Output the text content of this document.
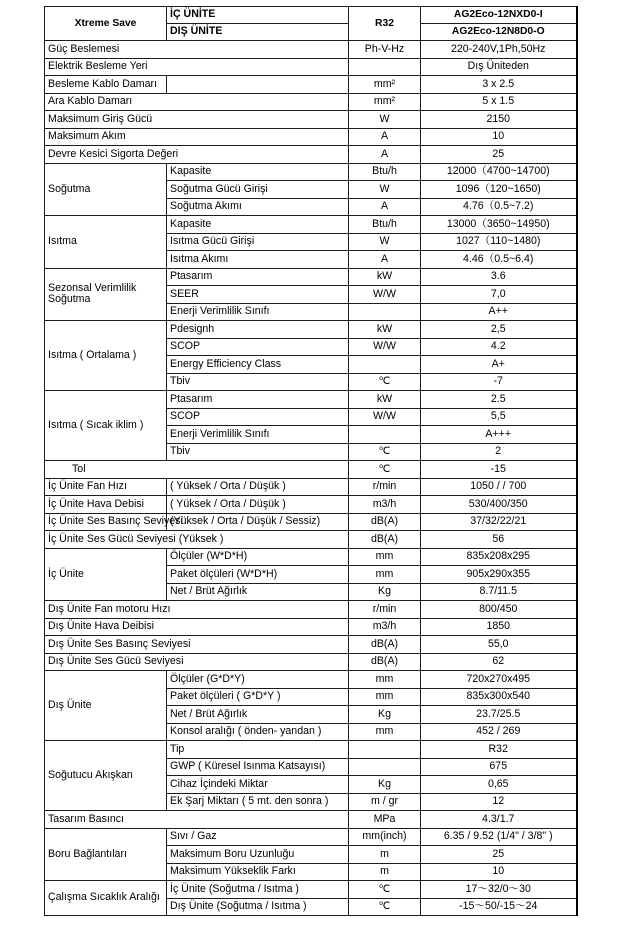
Xtreme Save	İÇ ÜNİTE	R32	AG2Eco-12NXD0-I
	DIŞ ÜNİTE		AG2Eco-12N8D0-O
Güç Beslemesi		Ph-V-Hz	220-240V,1Ph,50Hz
Elektrik Besleme Yeri			Dış Üniteden
Besleme Kablo Damarı		mm²	3 x 2.5
Ara Kablo Damarı		mm²	5 x 1.5
Maksimum Giriş Gücü		W	2150
Maksimum Akım		A	10
Devre Kesici Sigorta Değeri		A	25
Soğutma	Kapasite	Btu/h	12000（4700~14700)
	Soğutma Gücü Girişi	W	1096（120~1650)
	Soğutma Akımı	A	4.76（0.5~7.2)
Isıtma	Kapasite	Btu/h	13000（3650~14950)
	Isıtma Gücü Girişi	W	1027（110~1480)
	Isıtma Akımı	A	4.46（0.5~6.4)
Sezonsal Verimlilik Soğutma	Ptasarım	kW	3.6
	SEER	W/W	7,0
	Enerji Verimlilik Sınıfı		A++
Isıtma ( Ortalama )	Pdesignh	kW	2,5
	SCOP	W/W	4.2
	Energy Efficiency Class		A+
	Tbiv	℃	-7
Isıtma ( Sıcak iklim )	Ptasarım	kW	2.5
	SCOP	W/W	5,5
	Enerji Verimlilik Sınıfı		A+++
	Tbiv	℃	2
Tol		℃	-15
İç Ünite Fan Hızı	( Yüksek / Orta / Düşük )	r/min	1050 / / 700
İç Ünite Hava Debisi	( Yüksek / Orta / Düşük )	m3/h	530/400/350
İç Ünite Ses Basınç Seviyesi	(Yüksek / Orta / Düşük / Sessiz)	dB(A)	37/32/22/21
İç Ünite Ses Gücü Seviyesi (Yüksek )		dB(A)	56
İç Ünite	Ölçüler (W*D*H)	mm	835x208x295
	Paket ölçüleri (W*D*H)	mm	905x290x355
	Net / Brüt Ağırlık	Kg	8.7/11.5
Dış Ünite Fan motoru Hızı		r/min	800/450
Dış Ünite Hava Deibisi		m3/h	1850
Dış Ünite Ses Basınç Seviyesi		dB(A)	55,0
Dış Ünite Ses Gücü Seviyesi		dB(A)	62
Dış Ünite	Ölçüler (G*D*Y)	mm	720x270x495
	Paket ölçüleri ( G*D*Y )	mm	835x300x540
	Net / Brüt Ağırlık	Kg	23.7/25.5
	Konsol aralığı ( önden- yandan )	mm	452 / 269
Soğutucu Akışkan	Tip		R32
	GWP ( Küresel Isınma Katsayısı)		675
	Cihaz İçindeki Miktar	Kg	0,65
	Ek Şarj Miktarı ( 5 mt. den sonra )	m / gr	12
Tasarım Basıncı		MPa	4.3/1.7
Boru Bağlantıları	Sıvı / Gaz	mm(inch)	6.35 / 9.52 (1/4" / 3/8" )
	Maksimum Boru Uzunluğu	m	25
	Maksimum Yükseklik Farkı	m	10
Çalışma Sıcaklık Aralığı	İç Ünite (Soğutma / Isıtma )	℃	17～32/0～30
	Dış Ünite (Soğutma / Isıtma )	℃	-15～50/-15～24
